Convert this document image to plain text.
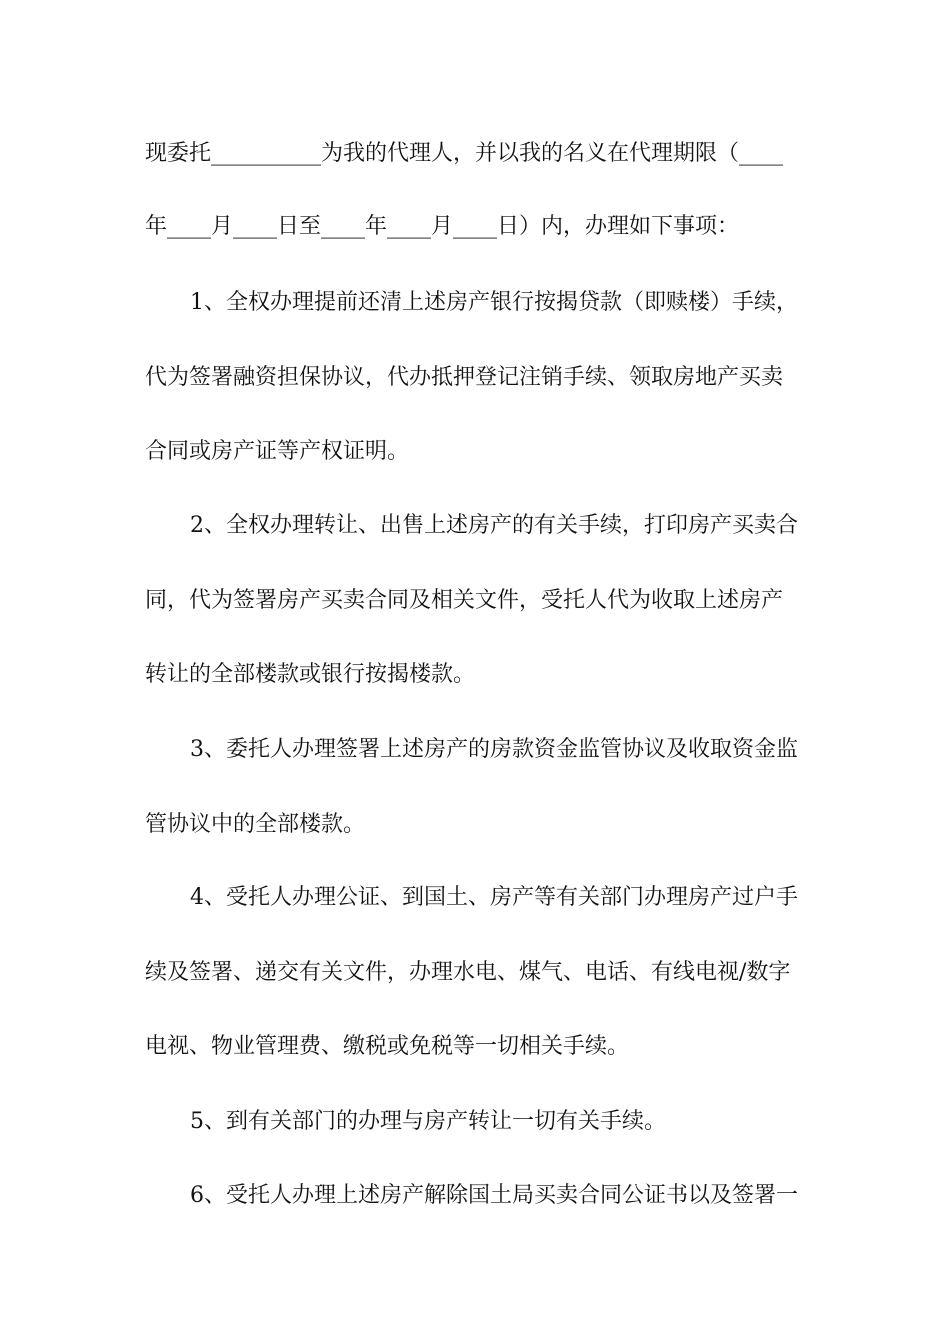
现委托__________为我的代理人，并以我的名义在代理期限（____
年____月____日至____年____月____日）内，办理如下事项：
1、全权办理提前还清上述房产银行按揭贷款（即赎楼）手续，
代为签署融资担保协议，代办抵押登记注销手续、领取房地产买卖
合同或房产证等产权证明。
2、全权办理转让、出售上述房产的有关手续，打印房产买卖合
同，代为签署房产买卖合同及相关文件，受托人代为收取上述房产
转让的全部楼款或银行按揭楼款。
3、委托人办理签署上述房产的房款资金监管协议及收取资金监
管协议中的全部楼款。
4、受托人办理公证、到国土、房产等有关部门办理房产过户手
续及签署、递交有关文件，办理水电、煤气、电话、有线电视/数字
电视、物业管理费、缴税或免税等一切相关手续。
5、到有关部门的办理与房产转让一切有关手续。
6、受托人办理上述房产解除国土局买卖合同公证书以及签署一
